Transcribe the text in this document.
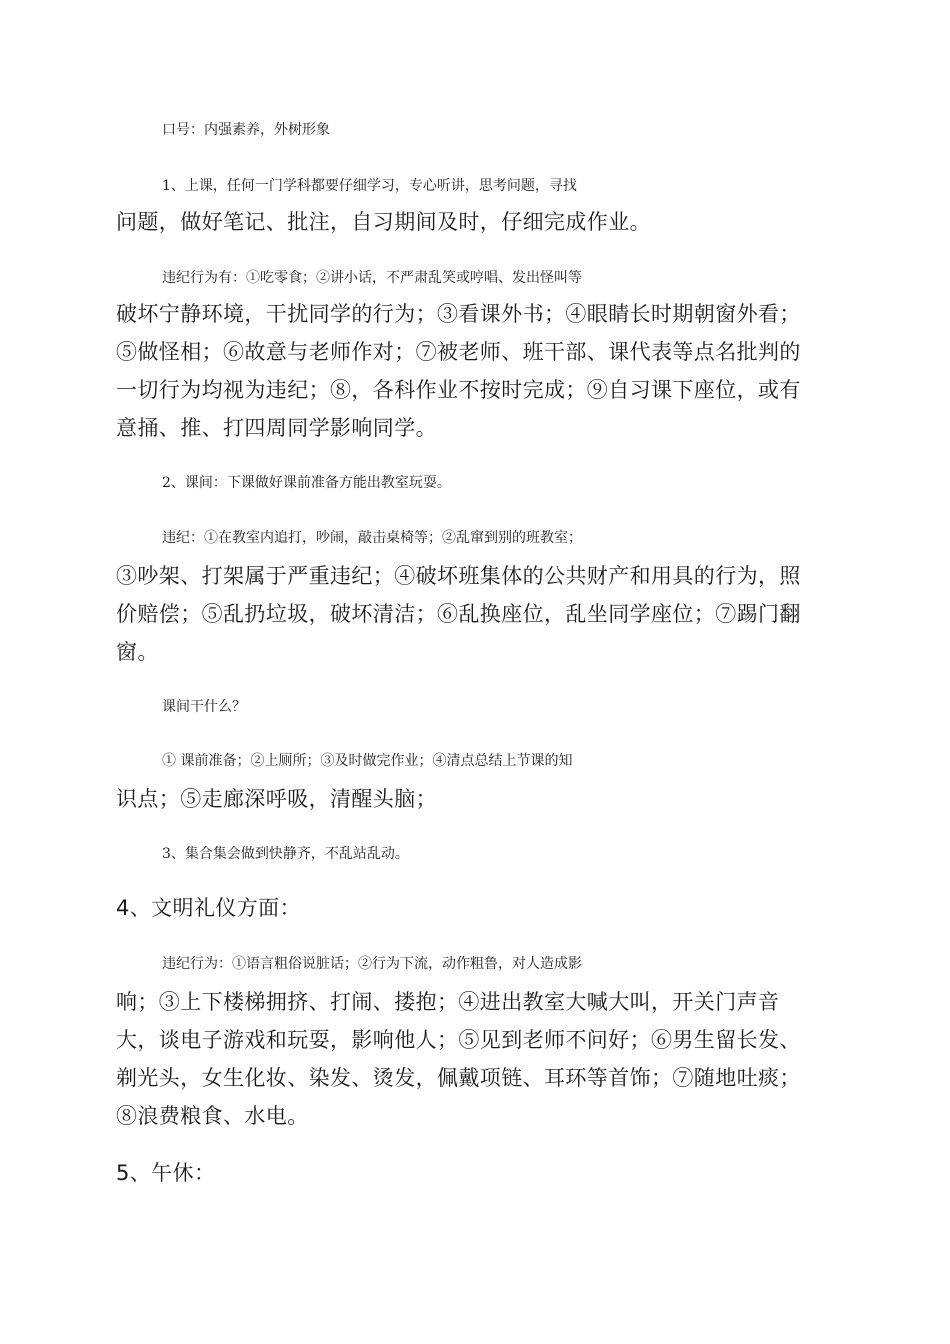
口号：内强素养，外树形象
1、上课，任何一门学科都要仔细学习，专心听讲，思考问题，寻找
问题，做好笔记、批注，自习期间及时，仔细完成作业。
违纪行为有：①吃零食；②讲小话，不严肃乱笑或哼唱、发出怪叫等
破坏宁静环境，干扰同学的行为；③看课外书；④眼睛长时期朝窗外看；
⑤做怪相；⑥故意与老师作对；⑦被老师、班干部、课代表等点名批判的
一切行为均视为违纪；⑧，各科作业不按时完成；⑨自习课下座位，或有
意捅、推、打四周同学影响同学。
2、课间：下课做好课前准备方能出教室玩耍。
违纪：①在教室内追打，吵闹，敲击桌椅等；②乱窜到别的班教室；
③吵架、打架属于严重违纪；④破坏班集体的公共财产和用具的行为，照
价赔偿；⑤乱扔垃圾，破坏清洁；⑥乱换座位，乱坐同学座位；⑦踢门翻
窗。
课间干什么？
① 课前准备；②上厕所；③及时做完作业；④清点总结上节课的知
识点；⑤走廊深呼吸，清醒头脑；
3、集合集会做到快静齐，不乱站乱动。
4、文明礼仪方面：
违纪行为：①语言粗俗说脏话；②行为下流，动作粗鲁，对人造成影
响；③上下楼梯拥挤、打闹、搂抱；④进出教室大喊大叫，开关门声音
大，谈电子游戏和玩耍，影响他人；⑤见到老师不问好；⑥男生留长发、
剃光头，女生化妆、染发、烫发，佩戴项链、耳环等首饰；⑦随地吐痰；
⑧浪费粮食、水电。
5、午休：
